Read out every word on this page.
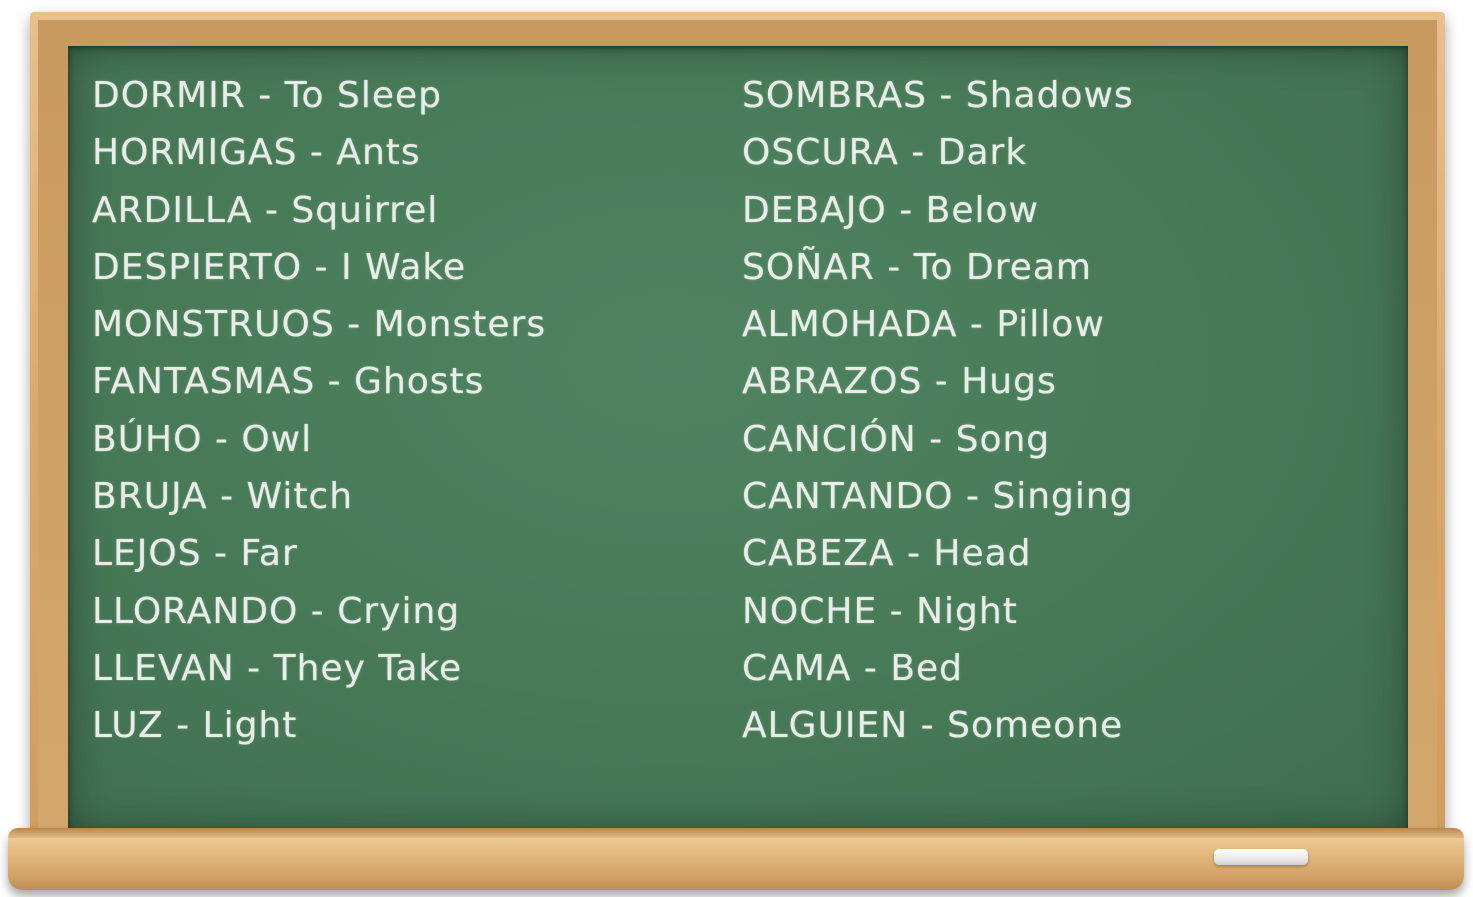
DORMIR - To Sleep
HORMIGAS - Ants
ARDILLA - Squirrel
DESPIERTO - I Wake
MONSTRUOS - Monsters
FANTASMAS - Ghosts
BÚHO - Owl
BRUJA - Witch
LEJOS - Far
LLORANDO - Crying
LLEVAN - They Take
LUZ - Light
SOMBRAS - Shadows
OSCURA - Dark
DEBAJO - Below
SOÑAR - To Dream
ALMOHADA - Pillow
ABRAZOS - Hugs
CANCIÓN - Song
CANTANDO - Singing
CABEZA - Head
NOCHE - Night
CAMA - Bed
ALGUIEN - Someone
